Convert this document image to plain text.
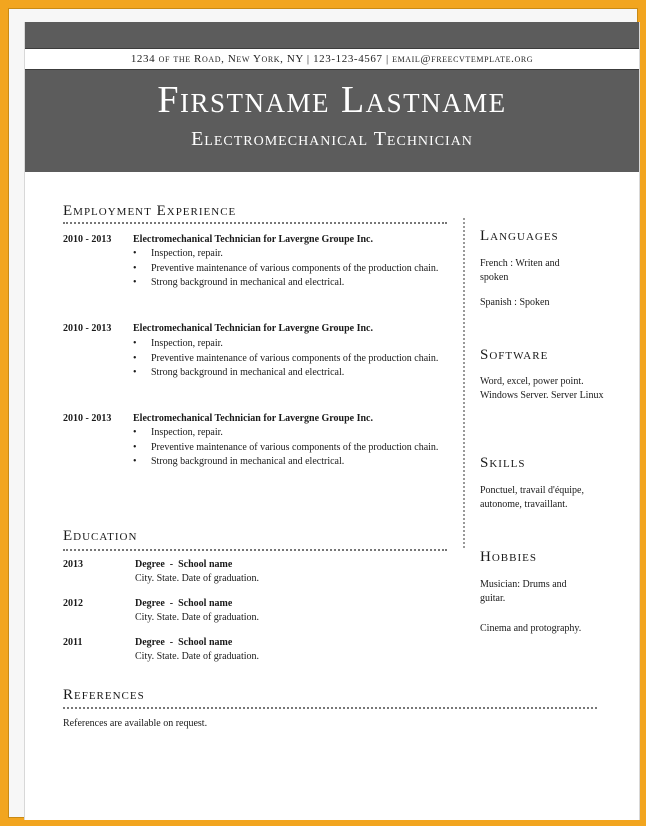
1234 of the Road, New York, NY | 123-123-4567 | email@freecvtemplate.org
Firstname Lastname
Electromechanical Technician
Employment Experience
2010 - 2013 Electromechanical Technician for Lavergne Groupe Inc.
• Inspection, repair.
• Preventive maintenance of various components of the production chain.
• Strong background in mechanical and electrical.
2010 - 2013 Electromechanical Technician for Lavergne Groupe Inc.
• Inspection, repair.
• Preventive maintenance of various components of the production chain.
• Strong background in mechanical and electrical.
2010 - 2013 Electromechanical Technician for Lavergne Groupe Inc.
• Inspection, repair.
• Preventive maintenance of various components of the production chain.
• Strong background in mechanical and electrical.
Education
2013	Degree  -  School name
City. State. Date of graduation.
2012	Degree  -  School name
City. State. Date of graduation.
2011	Degree  -  School name
City. State. Date of graduation.
References
References are available on request.
Languages
French : Writen and spoken
Spanish : Spoken
Software
Word, excel, power point. Windows Server. Server Linux
Skills
Ponctuel, travail d'équipe, autonome, travaillant.
Hobbies
Musician: Drums and guitar.
Cinema and protography.
